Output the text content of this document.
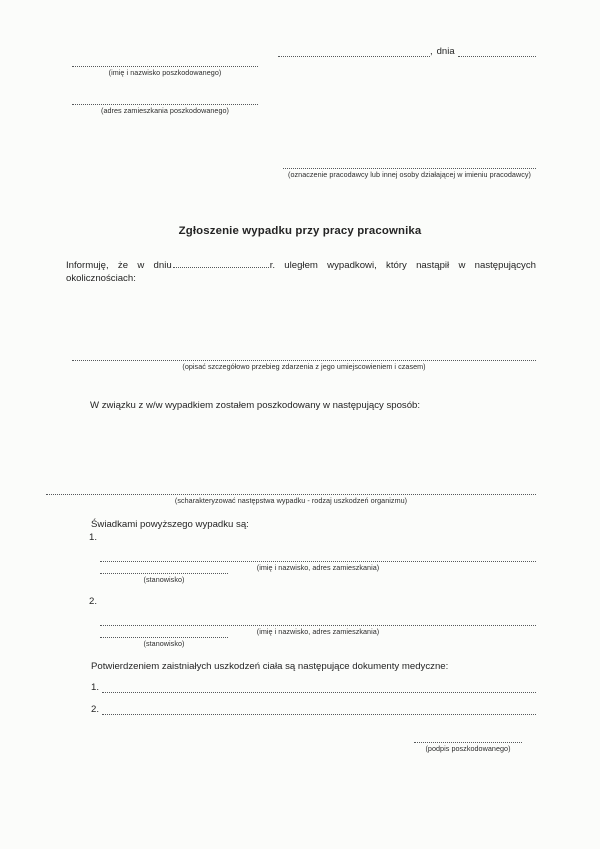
, dnia
(imię i nazwisko poszkodowanego)
(adres zamieszkania poszkodowanego)
(oznaczenie pracodawcy lub innej osoby działającej w imieniu pracodawcy)
Zgłoszenie wypadku przy pracy pracownika
Informuję, że w dniu	r. uległem wypadkowi, który nastąpił w następujących okolicznościach:
(opisać szczegółowo przebieg zdarzenia z jego umiejscowieniem i czasem)
W związku z w/w wypadkiem zostałem poszkodowany w następujący sposób:
(scharakteryzować następstwa wypadku - rodzaj uszkodzeń organizmu)
Świadkami powyższego wypadku są:
1.
(imię i nazwisko, adres zamieszkania)
(stanowisko)
2.
(imię i nazwisko, adres zamieszkania)
(stanowisko)
Potwierdzeniem zaistniałych uszkodzeń ciała są następujące dokumenty medyczne:
1.
2.
(podpis poszkodowanego)
